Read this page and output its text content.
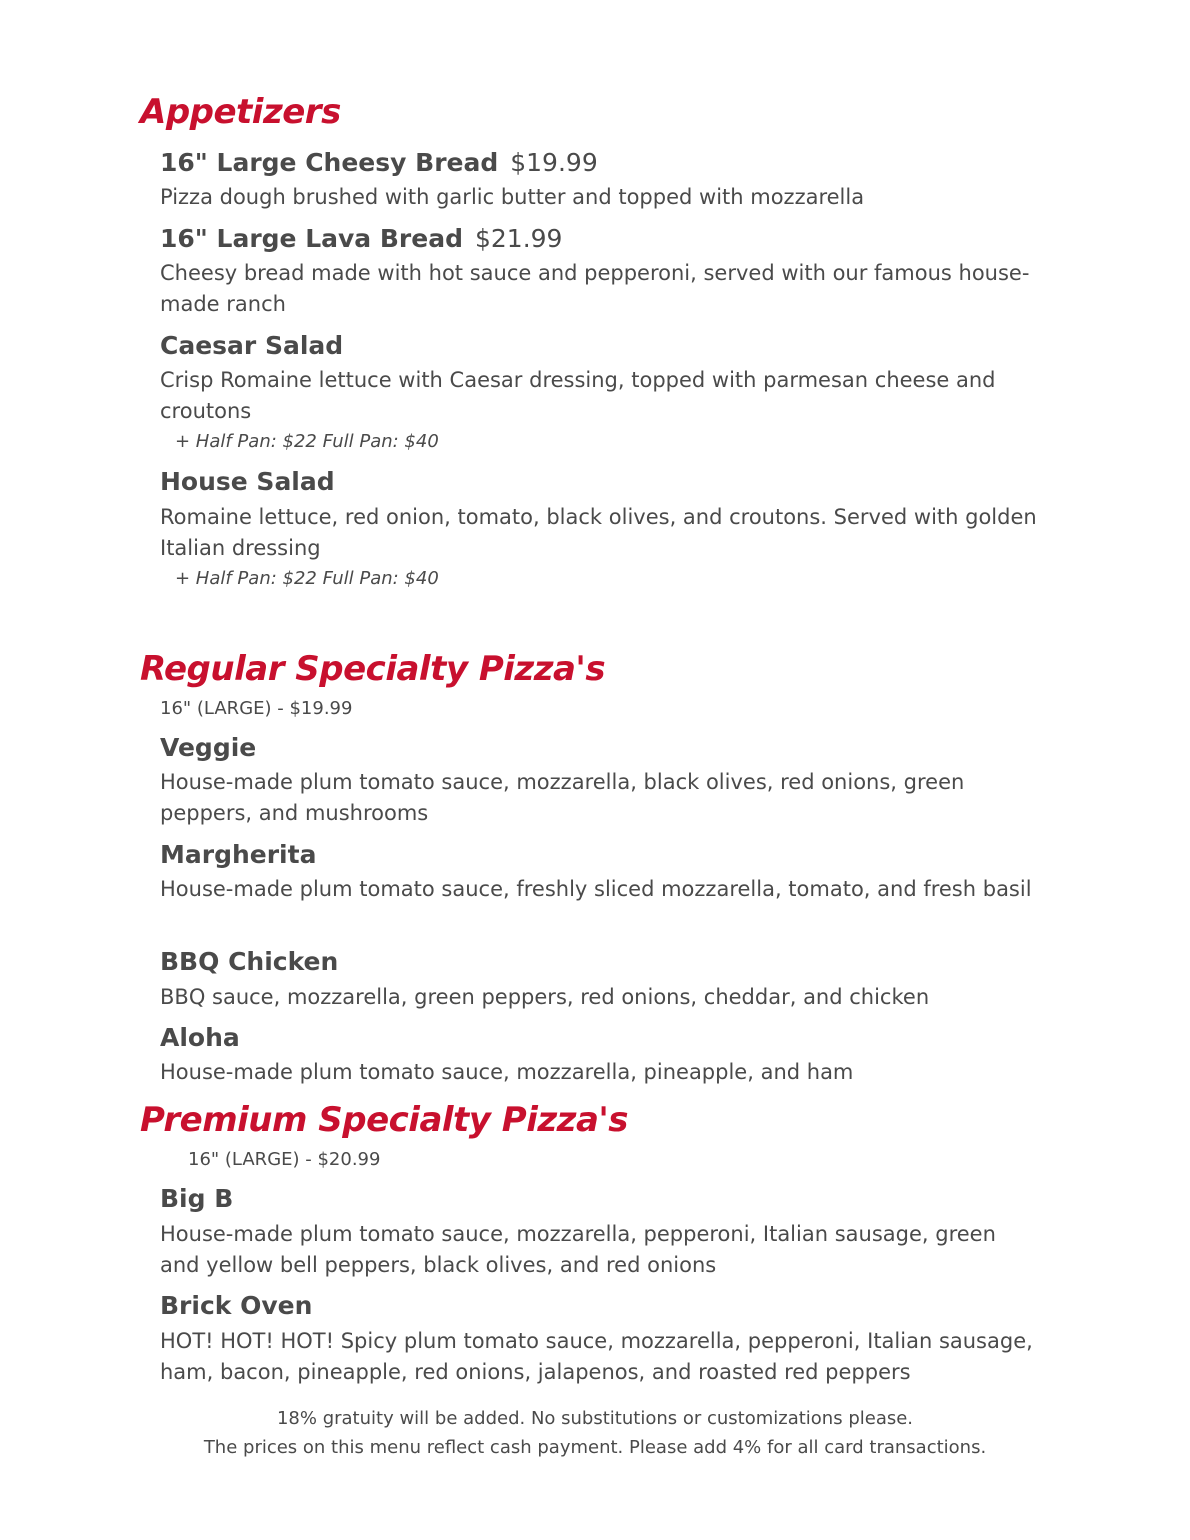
Appetizers
16" Large Cheesy Bread $19.99

Pizza dough brushed with garlic butter and topped with mozzarella

16" Large Lava Bread $21.99

Cheesy bread made with hot sauce and pepperoni, served with our famous house-made ranch

Caesar Salad

Crisp Romaine lettuce with Caesar dressing, topped with parmesan cheese and croutons

+ Half Pan: $22 Full Pan: $40

House Salad

Romaine lettuce, red onion, tomato, black olives, and croutons. Served with golden Italian dressing

+ Half Pan: $22 Full Pan: $40

Regular Specialty Pizza's

16" (LARGE) - $19.99

Veggie

House-made plum tomato sauce, mozzarella, black olives, red onions, green peppers, and mushrooms

Margherita

House-made plum tomato sauce, freshly sliced mozzarella, tomato, and fresh basil

BBQ Chicken

BBQ sauce, mozzarella, green peppers, red onions, cheddar, and chicken

Aloha

House-made plum tomato sauce, mozzarella, pineapple, and ham

Premium Specialty Pizza's

16" (LARGE) - $20.99

Big B

House-made plum tomato sauce, mozzarella, pepperoni, Italian sausage, green and yellow bell peppers, black olives, and red onions

Brick Oven

HOT! HOT! HOT! Spicy plum tomato sauce, mozzarella, pepperoni, Italian sausage, ham, bacon, pineapple, red onions, jalapenos, and roasted red peppers

18% gratuity will be added. No substitutions or customizations please.

The prices on this menu reflect cash payment. Please add 4% for all card transactions.
